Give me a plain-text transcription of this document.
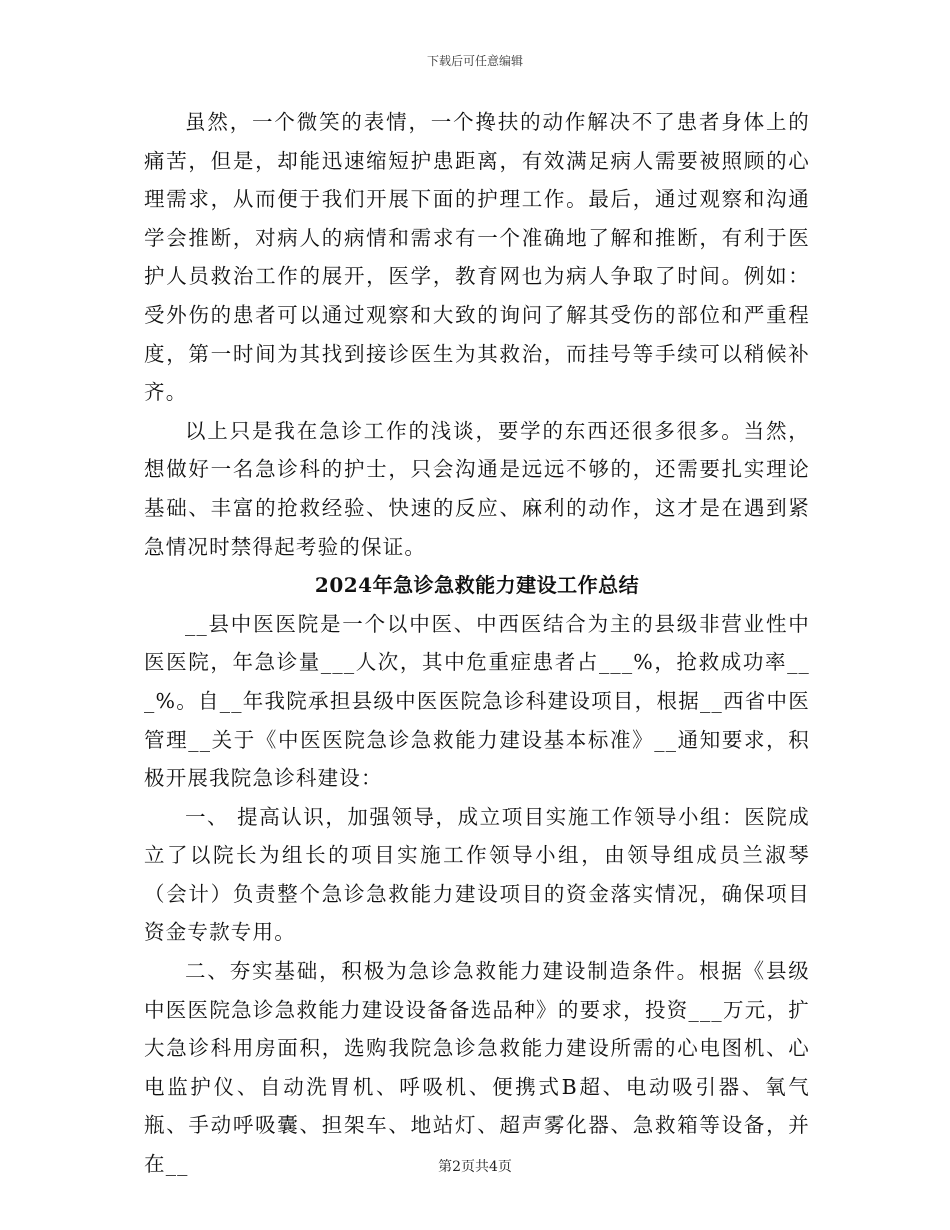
下载后可任意编辑

虽然，一个微笑的表情，一个搀扶的动作解决不了患者身体上的痛苦，但是，却能迅速缩短护患距离，有效满足病人需要被照顾的心理需求，从而便于我们开展下面的护理工作。最后，通过观察和沟通学会推断，对病人的病情和需求有一个准确地了解和推断，有利于医护人员救治工作的展开，医学，教育网也为病人争取了时间。例如：受外伤的患者可以通过观察和大致的询问了解其受伤的部位和严重程度，第一时间为其找到接诊医生为其救治，而挂号等手续可以稍候补齐。

以上只是我在急诊工作的浅谈，要学的东西还很多很多。当然，想做好一名急诊科的护士，只会沟通是远远不够的，还需要扎实理论基础、丰富的抢救经验、快速的反应、麻利的动作，这才是在遇到紧急情况时禁得起考验的保证。

2024年急诊急救能力建设工作总结

__县中医医院是一个以中医、中西医结合为主的县级非营业性中医医院，年急诊量___人次，其中危重症患者占___%，抢救成功率___%。自__年我院承担县级中医医院急诊科建设项目，根据__西省中医管理__关于《中医医院急诊急救能力建设基本标准》__通知要求，积极开展我院急诊科建设：

一、 提高认识，加强领导，成立项目实施工作领导小组：医院成立了以院长为组长的项目实施工作领导小组，由领导组成员兰淑琴（会计）负责整个急诊急救能力建设项目的资金落实情况，确保项目资金专款专用。

二、夯实基础，积极为急诊急救能力建设制造条件。根据《县级中医医院急诊急救能力建设设备备选品种》的要求，投资___万元，扩大急诊科用房面积，选购我院急诊急救能力建设所需的心电图机、心电监护仪、自动洗胃机、呼吸机、便携式B超、电动吸引器、氧气瓶、手动呼吸囊、担架车、地站灯、超声雾化器、急救箱等设备，并在__	第2页共4页
